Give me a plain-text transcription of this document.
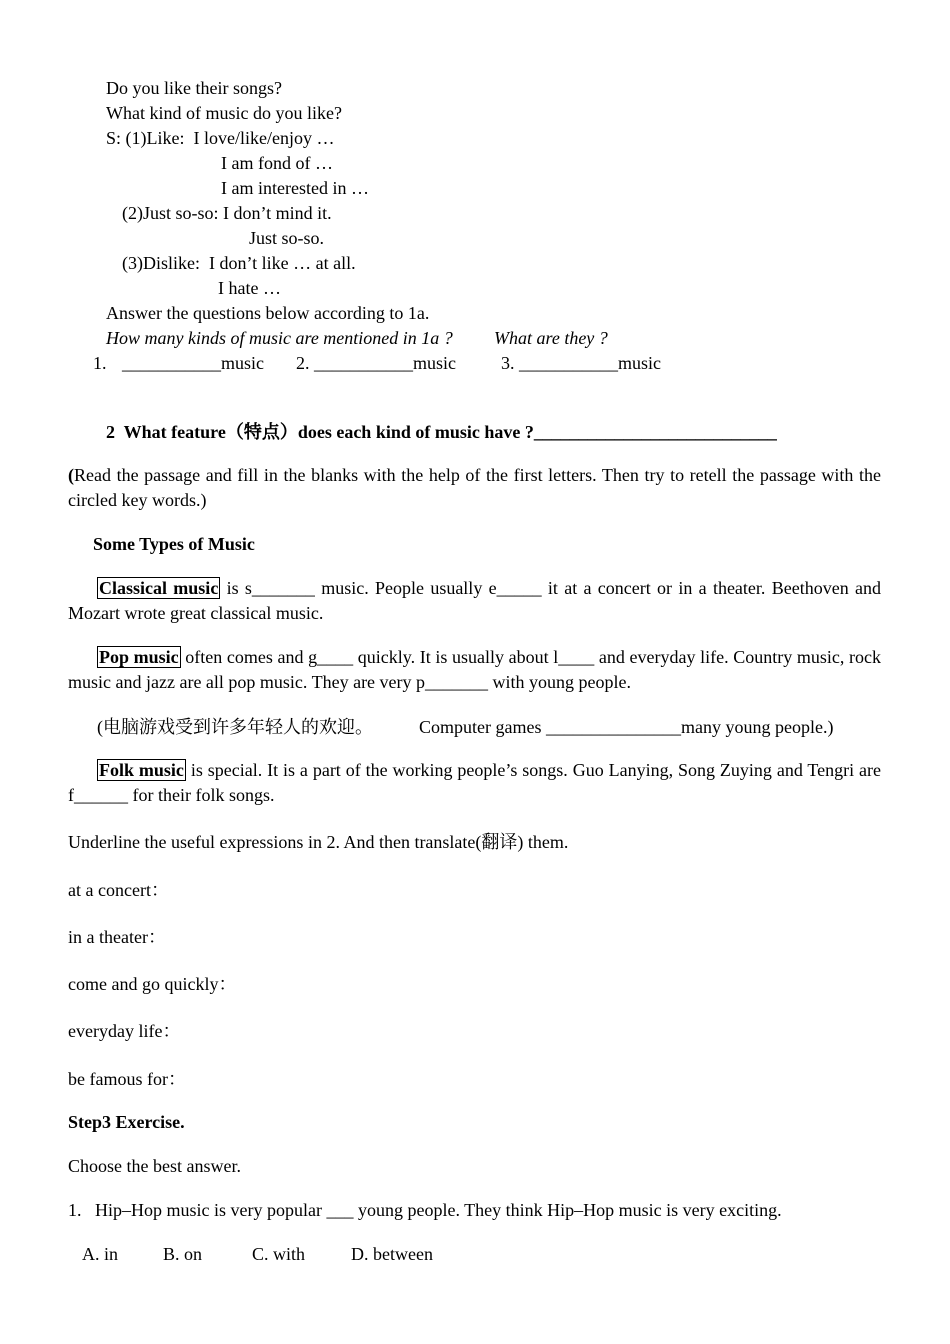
Do you like their songs?
What kind of music do you like?
S: (1)Like:  I love/like/enjoy …
I am fond of …
I am interested in …
(2)Just so-so: I don’t mind it.
Just so-so.
(3)Dislike:  I don’t like … at all.
I hate …
Answer the questions below according to 1a.
How many kinds of music are mentioned in 1a ? What are they ?
1. ___________music 2. ___________music	3. ___________music
2  What feature（特点）does each kind of music have ?___________________________
(Read the passage and fill in the blanks with the help of the first letters. Then try to retell the passage with the circled key words.)
Some Types of Music
Classical music is s_______ music. People usually e_____ it at a concert or in a theater. Beethoven and Mozart wrote great classical music.
Pop music often comes and g____ quickly. It is usually about l____ and everyday life. Country music, rock music and jazz are all pop music. They are very p_______ with young people.
(电脑游戏受到许多年轻人的欢迎。	Computer games _______________many young people.)
Folk music is special. It is a part of the working people’s songs. Guo Lanying, Song Zuying and Tengri are f______ for their folk songs.
Underline the useful expressions in 2. And then translate(翻译) them.
at a concert：
in a theater：
come and go quickly：
everyday life：
be famous for：
Step3 Exercise.
Choose the best answer.
1.   Hip–Hop music is very popular ___ young people. They think Hip–Hop music is very exciting.
A. in	B. on	C. with	D. between
